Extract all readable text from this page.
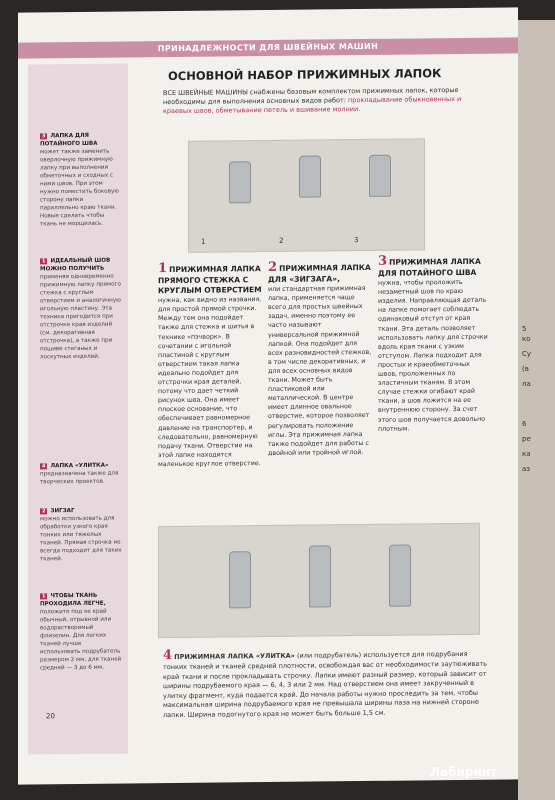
ПРИНАДЛЕЖНОСТИ ДЛЯ ШВЕЙНЫХ МАШИН
ОСНОВНОЙ НАБОР ПРИЖИМНЫХ ЛАПОК
ВСЕ ШВЕЙНЫЕ МАШИНЫ снабжены базовым комплектом прижимных лапок, которые необходимы для выполнения основных видов работ: прокладывание обыкновенных и краевых швов, обметывание петель и вшивание молнии.
3 ЛАПКА ДЛЯ ПОТАЙНОГО ШВА
может также заменить оверлочную прижимную лапку при выполнении обметочных и сходных с ними швов. При этом нужно поместить боковую сторону лапки параллельно краю ткани. Новые сделать чтобы ткань не морщилась.
1 ИДЕАЛЬНЫЙ ШОВ МОЖНО ПОЛУЧИТЬ
применяя одновременно прижимную лапку прямого стежка с круглым отверстием и аналогичную игольную пластину. Эта техника пригодится при отстрочке края изделий (см. декоративная отстрочка), а также при пошиве стеганых и лоскутных изделий.
4 ЛАПКА «УЛИТКА»
предназначена также для творческих проектов.
2 ЗИГЗАГ
можно использовать для обработки узкого края тонких или тяжелых тканей. Прямая строчка не всегда подходит для таких тканей.
1 ЧТОБЫ ТКАНЬ ПРОХОДИЛА ЛЕГЧЕ,
положите под ее край обычный, отрывной или водорастворимый флизелин. Для легких тканей лучше использовать подрубатель размером 2 мм, для тканей средней — 3 до 6 мм.
1	2	3
1 ПРИЖИМНАЯ ЛАПКА ПРЯМОГО СТЕЖКА С КРУГЛЫМ ОТВЕРСТИЕМ
нужна, как видно из названия, для простой прямой строчки. Между тем она подойдет также для стежка и шитья в технике «пэчворк». В сочетании с игольной пластиной с круглым отверстием такая лапка идеально подойдет для отстрочки края деталей, потому что дает четкий рисунок шва. Она имеет плоское основание, что обеспечивает равномерное давление на транспортер, и следовательно, равномерную подачу ткани. Отверстие на этой лапке находится маленькое круглое отверстие.
2 ПРИЖИМНАЯ ЛАПКА ДЛЯ «ЗИГЗАГА»,
или стандартная прижимная лапка, применяется чаще всего для простых швейных задач, именно поэтому ее часто называют универсальной прижимной лапкой. Она подойдет для всех разновидностей стежков, в том числе декоративных, и для всех основных видов ткани. Может быть пластиковой или металлической. В центре имеет длинное овальное отверстие, которое позволяет регулировать положение иглы. Эта прижимная лапка также подойдет для работы с двойной или тройной иглой.
3 ПРИЖИМНАЯ ЛАПКА ДЛЯ ПОТАЙНОГО ШВА
нужна, чтобы проложить незаметный шов по краю изделия. Направляющая деталь на лапке помогает соблюдать одинаковый отступ от края ткани. Эта деталь позволяет использовать лапку для строчки вдоль края ткани с узким отступом. Лапка подходит для простых и краеобметочных швов, проложенных по эластичным тканям. В этом случае стежки огибают край ткани, а шов ложится на ее внутреннюю сторону. За счет этого шов получается довольно плотным.
4 ПРИЖИМНАЯ ЛАПКА «УЛИТКА» (или подрубатель) используется для подрубания тонких тканей и тканей средней плотности, освобождая вас от необходимости заутюживать край ткани и после прокладывать строчку. Лапки имеют разный размер, который зависит от ширины подрубаемого края — 6, 4, 3 или 2 мм. Над отверстием она имеет закрученный в улитку фрагмент, куда подается край. До начала работы нужно проследить за тем, чтобы максимальная ширина подрубаемого края не превышала ширины паза на нижней стороне лапки. Ширина подогнутого края не может быть больше 1,5 см.
20
5
ко
Су
(в
ла
6
ре
ка
аз
Лабиринт
